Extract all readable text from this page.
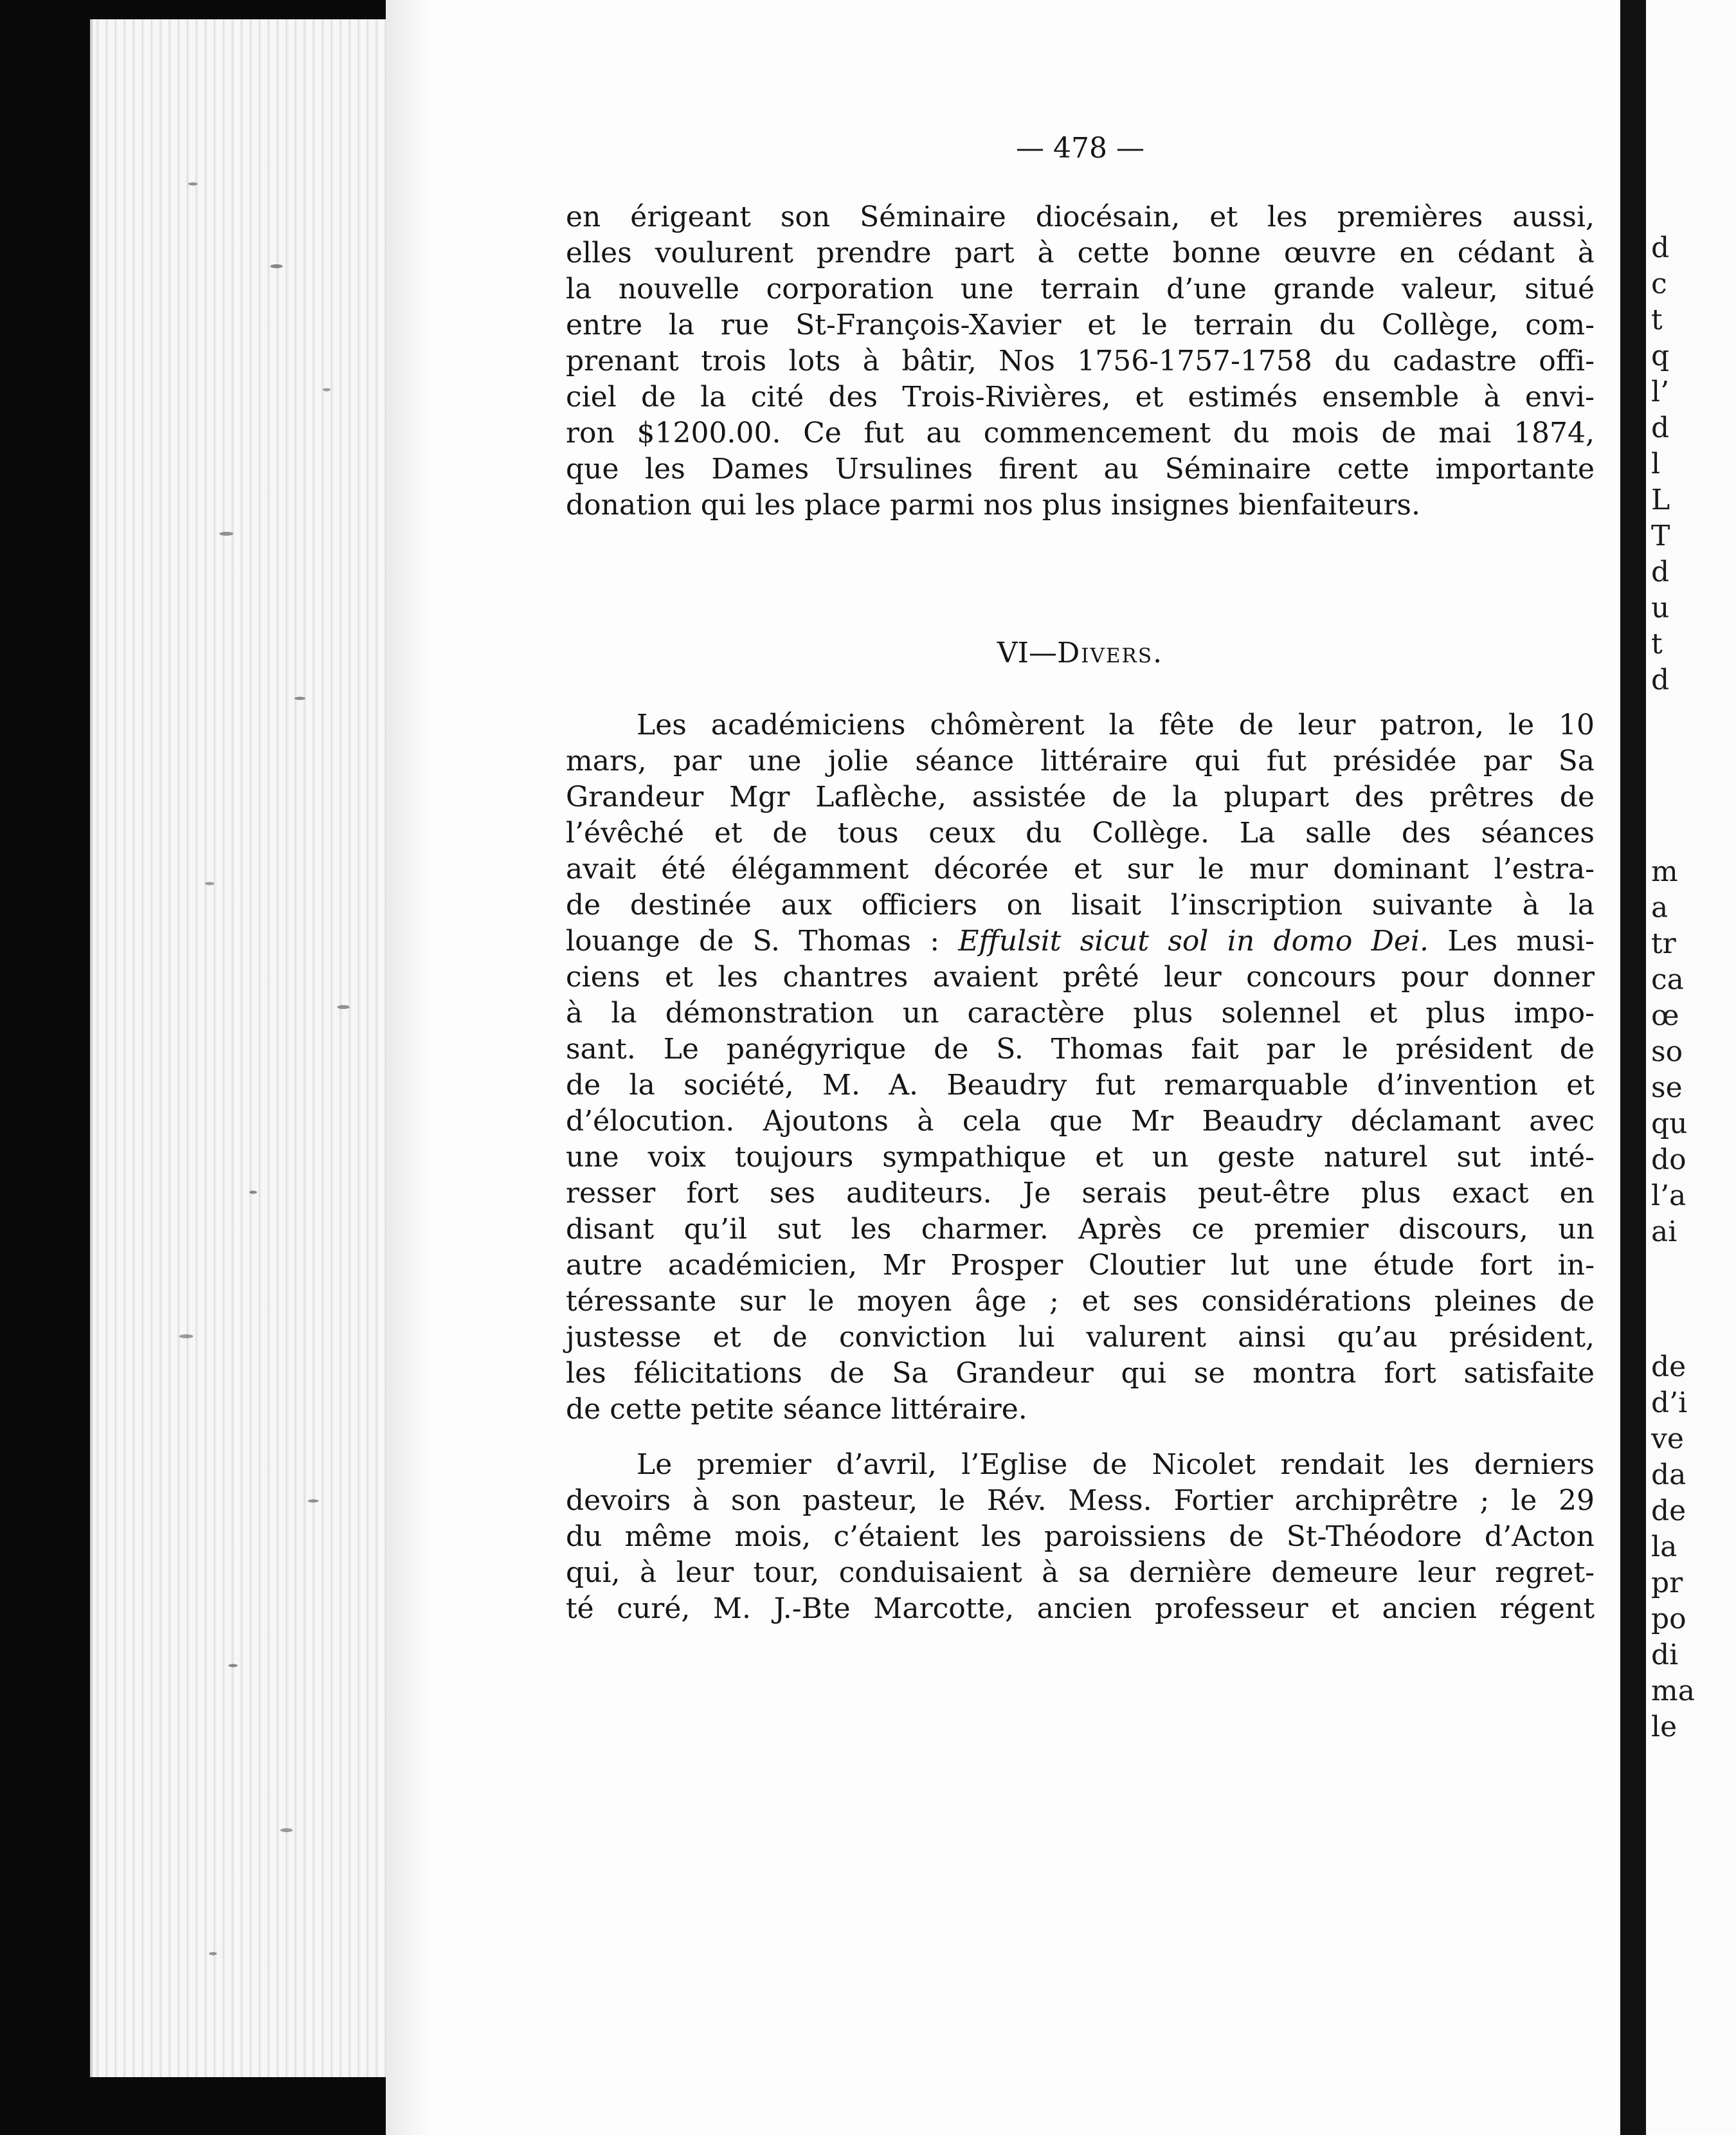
d
c
t
q
l’
d
l
L
T
d
u
t
d
m
a
tr
ca
œ
so
se
qu
do
l’a
ai
de
d’i
ve
da
de
la
pr
po
di
ma
le
— 478 —
en érigeant son Séminaire diocésain, et les premières aussi,
elles voulurent prendre part à cette bonne œuvre en cédant à
la nouvelle corporation une terrain d’une grande valeur, situé
entre la rue St-François-Xavier et le terrain du Collège, com-
prenant trois lots à bâtir, Nos 1756-1757-1758 du cadastre offi-
ciel de la cité des Trois-Rivières, et estimés ensemble à envi-
ron $1200.00. Ce fut au commencement du mois de mai 1874,
que les Dames Ursulines firent au Séminaire cette importante
donation qui les place parmi nos plus insignes bienfaiteurs.
VI—Divers.
Les académiciens chômèrent la fête de leur patron, le 10
mars, par une jolie séance littéraire qui fut présidée par Sa
Grandeur Mgr Laflèche, assistée de la plupart des prêtres de
l’évêché et de tous ceux du Collège. La salle des séances
avait été élégamment décorée et sur le mur dominant l’estra-
de destinée aux officiers on lisait l’inscription suivante à la
louange de S. Thomas : Effulsit sicut sol in domo Dei. Les musi-
ciens et les chantres avaient prêté leur concours pour donner
à la démonstration un caractère plus solennel et plus impo-
sant. Le panégyrique de S. Thomas fait par le président de
de la société, M. A. Beaudry fut remarquable d’invention et
d’élocution. Ajoutons à cela que Mr Beaudry déclamant avec
une voix toujours sympathique et un geste naturel sut inté-
resser fort ses auditeurs. Je serais peut-être plus exact en
disant qu’il sut les charmer. Après ce premier discours, un
autre académicien, Mr Prosper Cloutier lut une étude fort in-
téressante sur le moyen âge ; et ses considérations pleines de
justesse et de conviction lui valurent ainsi qu’au président,
les félicitations de Sa Grandeur qui se montra fort satisfaite
de cette petite séance littéraire.
Le premier d’avril, l’Eglise de Nicolet rendait les derniers
devoirs à son pasteur, le Rév. Mess. Fortier archiprêtre ; le 29
du même mois, c’étaient les paroissiens de St-Théodore d’Acton
qui, à leur tour, conduisaient à sa dernière demeure leur regret-
té curé, M. J.-Bte Marcotte, ancien professeur et ancien régent
